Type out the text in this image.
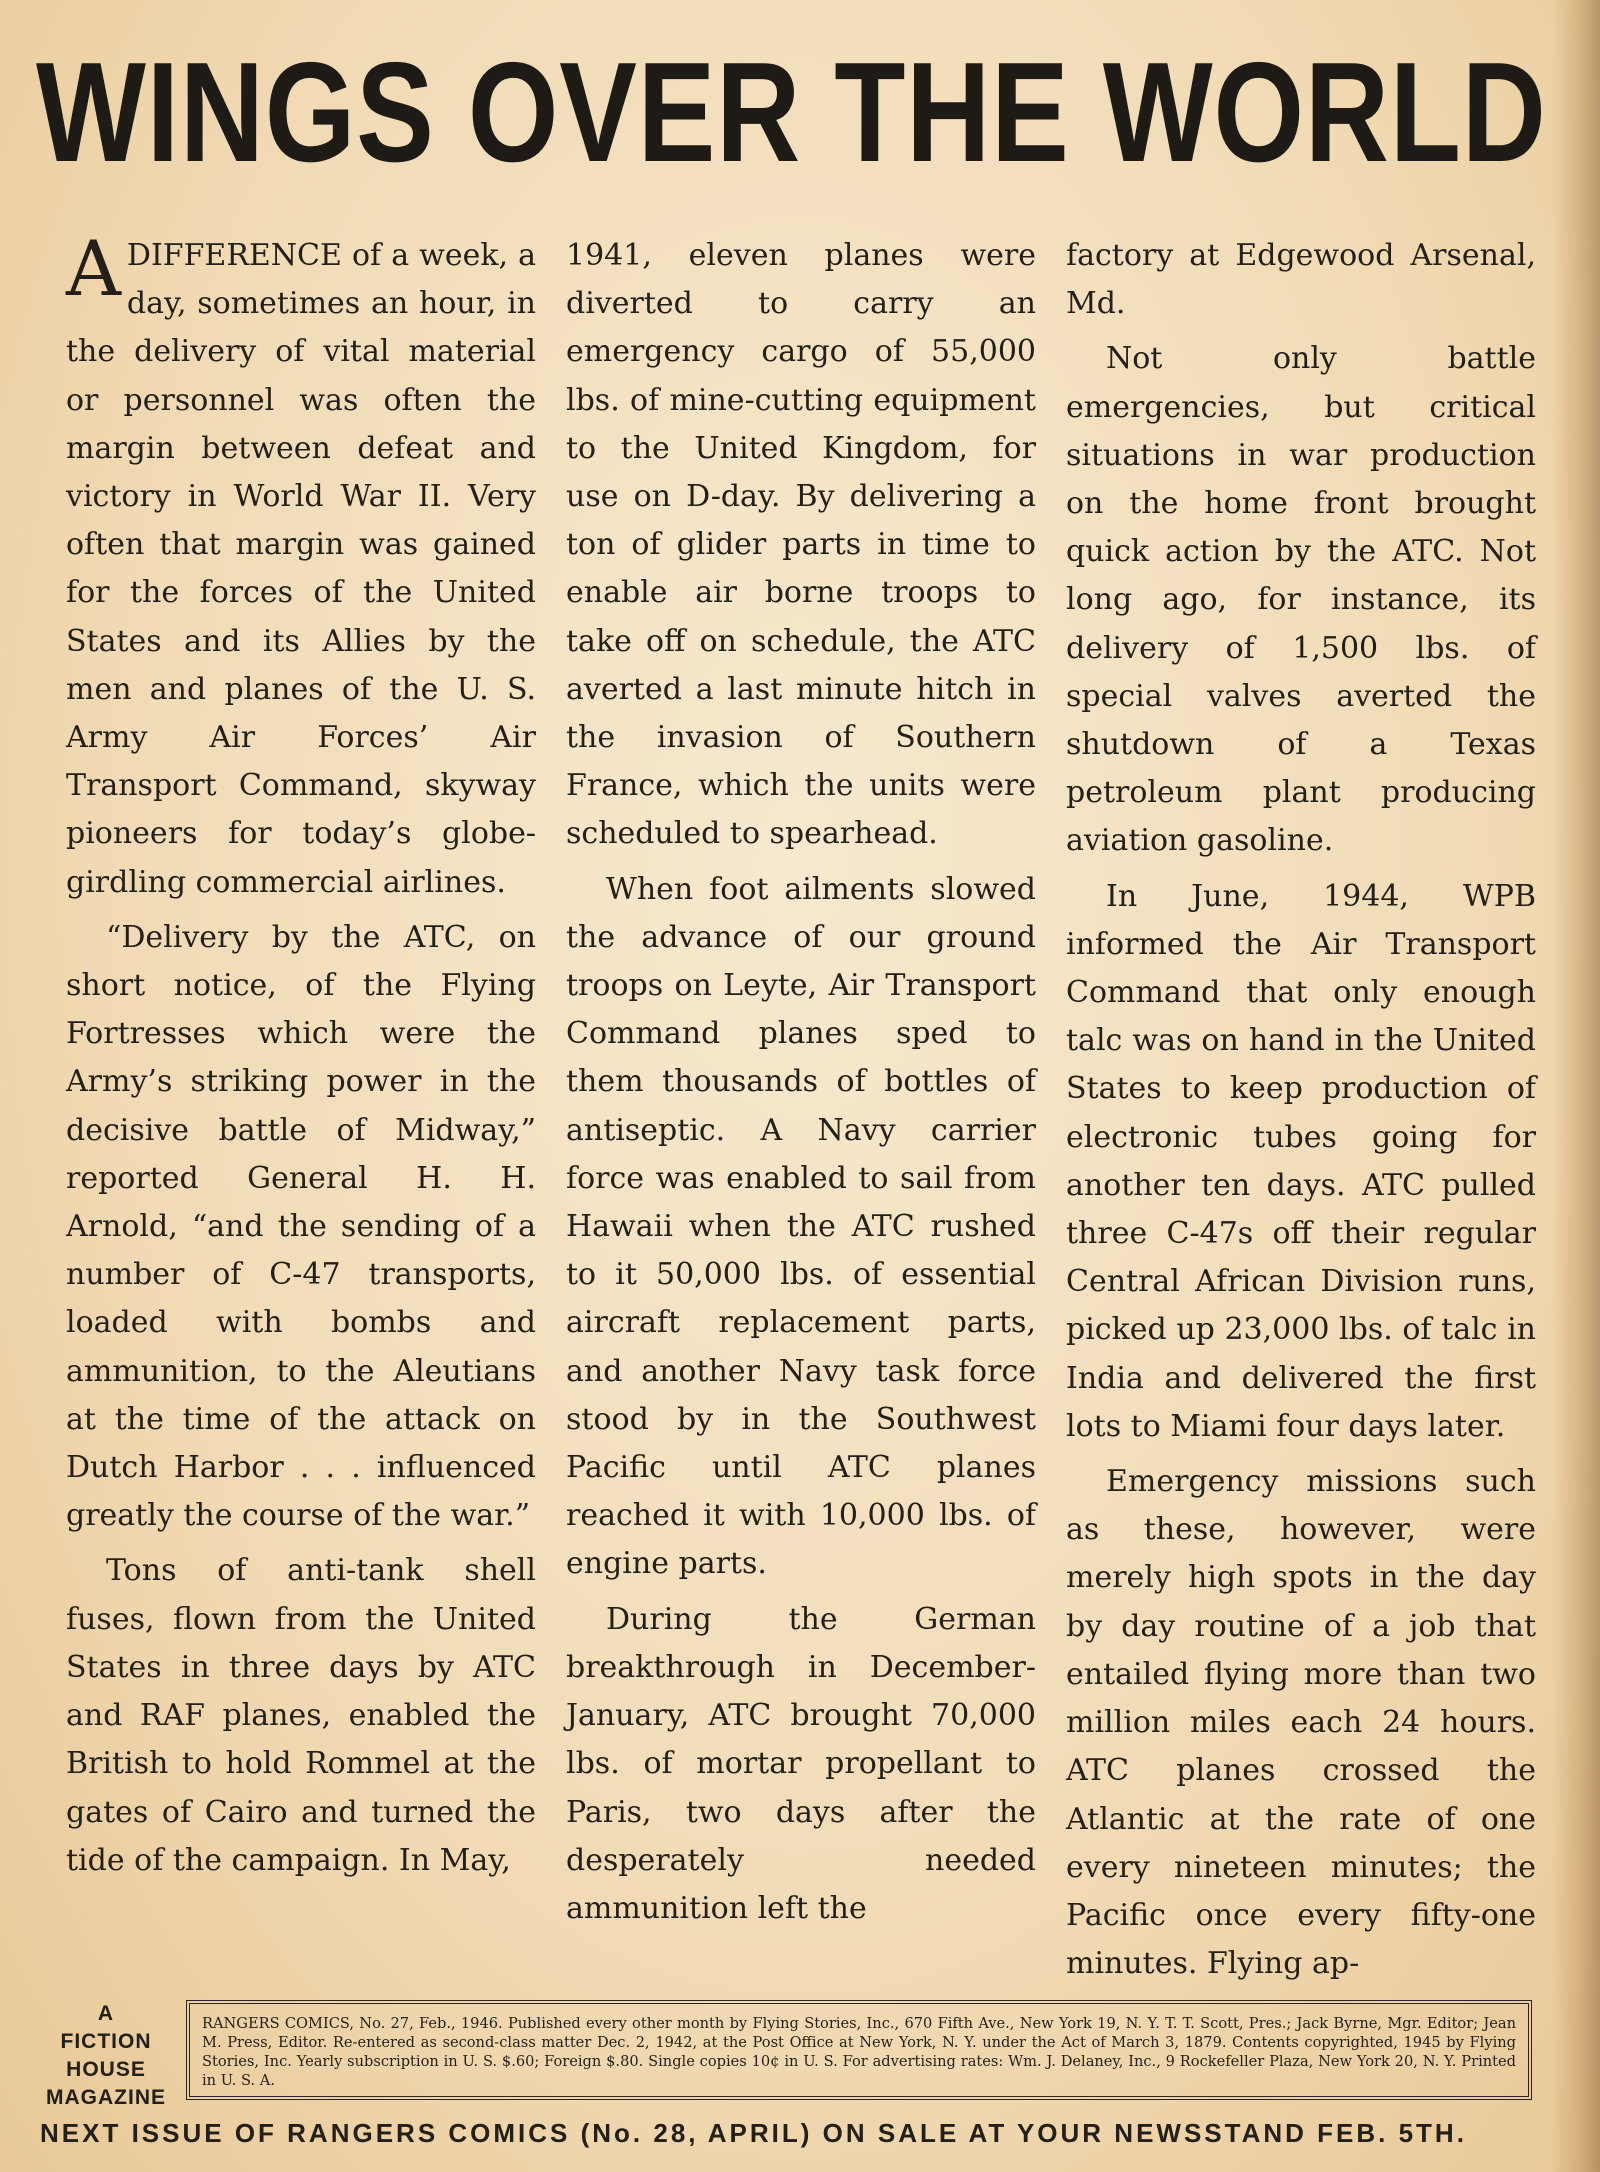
WINGS OVER THE WORLD

A DIFFERENCE of a week, a day, sometimes an hour, in the delivery of vital material or personnel was often the margin between defeat and victory in World War II. Very often that margin was gained for the forces of the United States and its Allies by the men and planes of the U. S. Army Air Forces’ Air Transport Command, skyway pioneers for today’s globe-girdling commercial airlines.

“Delivery by the ATC, on short notice, of the Flying Fortresses which were the Army’s striking power in the decisive battle of Midway,” reported General H. H. Arnold, “and the sending of a number of C-47 transports, loaded with bombs and ammunition, to the Aleutians at the time of the attack on Dutch Harbor . . . influenced greatly the course of the war.”

Tons of anti-tank shell fuses, flown from the United States in three days by ATC and RAF planes, enabled the British to hold Rommel at the gates of Cairo and turned the tide of the campaign. In May,

1941, eleven planes were diverted to carry an emergency cargo of 55,000 lbs. of mine-cutting equipment to the United Kingdom, for use on D-day. By delivering a ton of glider parts in time to enable air borne troops to take off on schedule, the ATC averted a last minute hitch in the invasion of Southern France, which the units were scheduled to spearhead.

When foot ailments slowed the advance of our ground troops on Leyte, Air Transport Command planes sped to them thousands of bottles of antiseptic. A Navy carrier force was enabled to sail from Hawaii when the ATC rushed to it 50,000 lbs. of essential aircraft replacement parts, and another Navy task force stood by in the Southwest Pacific until ATC planes reached it with 10,000 lbs. of engine parts.

During the German breakthrough in December-January, ATC brought 70,000 lbs. of mortar propellant to Paris, two days after the desperately needed ammunition left the

factory at Edgewood Arsenal, Md.

Not only battle emergencies, but critical situations in war production on the home front brought quick action by the ATC. Not long ago, for instance, its delivery of 1,500 lbs. of special valves averted the shutdown of a Texas petroleum plant producing aviation gasoline.

In June, 1944, WPB informed the Air Transport Command that only enough talc was on hand in the United States to keep production of electronic tubes going for another ten days. ATC pulled three C-47s off their regular Central African Division runs, picked up 23,000 lbs. of talc in India and delivered the first lots to Miami four days later.

Emergency missions such as these, however, were merely high spots in the day by day routine of a job that entailed flying more than two million miles each 24 hours. ATC planes crossed the Atlantic at the rate of one every nineteen minutes; the Pacific once every fifty-one minutes. Flying ap-

A
FICTION
HOUSE
MAGAZINE
RANGERS COMICS, No. 27, Feb., 1946. Published every other month by Flying Stories, Inc., 670 Fifth Ave., New York 19, N. Y. T. T. Scott, Pres.; Jack Byrne, Mgr. Editor; Jean M. Press, Editor. Re-entered as second-class matter Dec. 2, 1942, at the Post Office at New York, N. Y. under the Act of March 3, 1879. Contents copyrighted, 1945 by Flying Stories, Inc. Yearly subscription in U. S. $.60; Foreign $.80. Single copies 10¢ in U. S. For advertising rates: Wm. J. Delaney, Inc., 9 Rockefeller Plaza, New York 20, N. Y. Printed in U. S. A.
NEXT ISSUE OF RANGERS COMICS (No. 28, APRIL) ON SALE AT YOUR NEWSSTAND FEB. 5TH.
